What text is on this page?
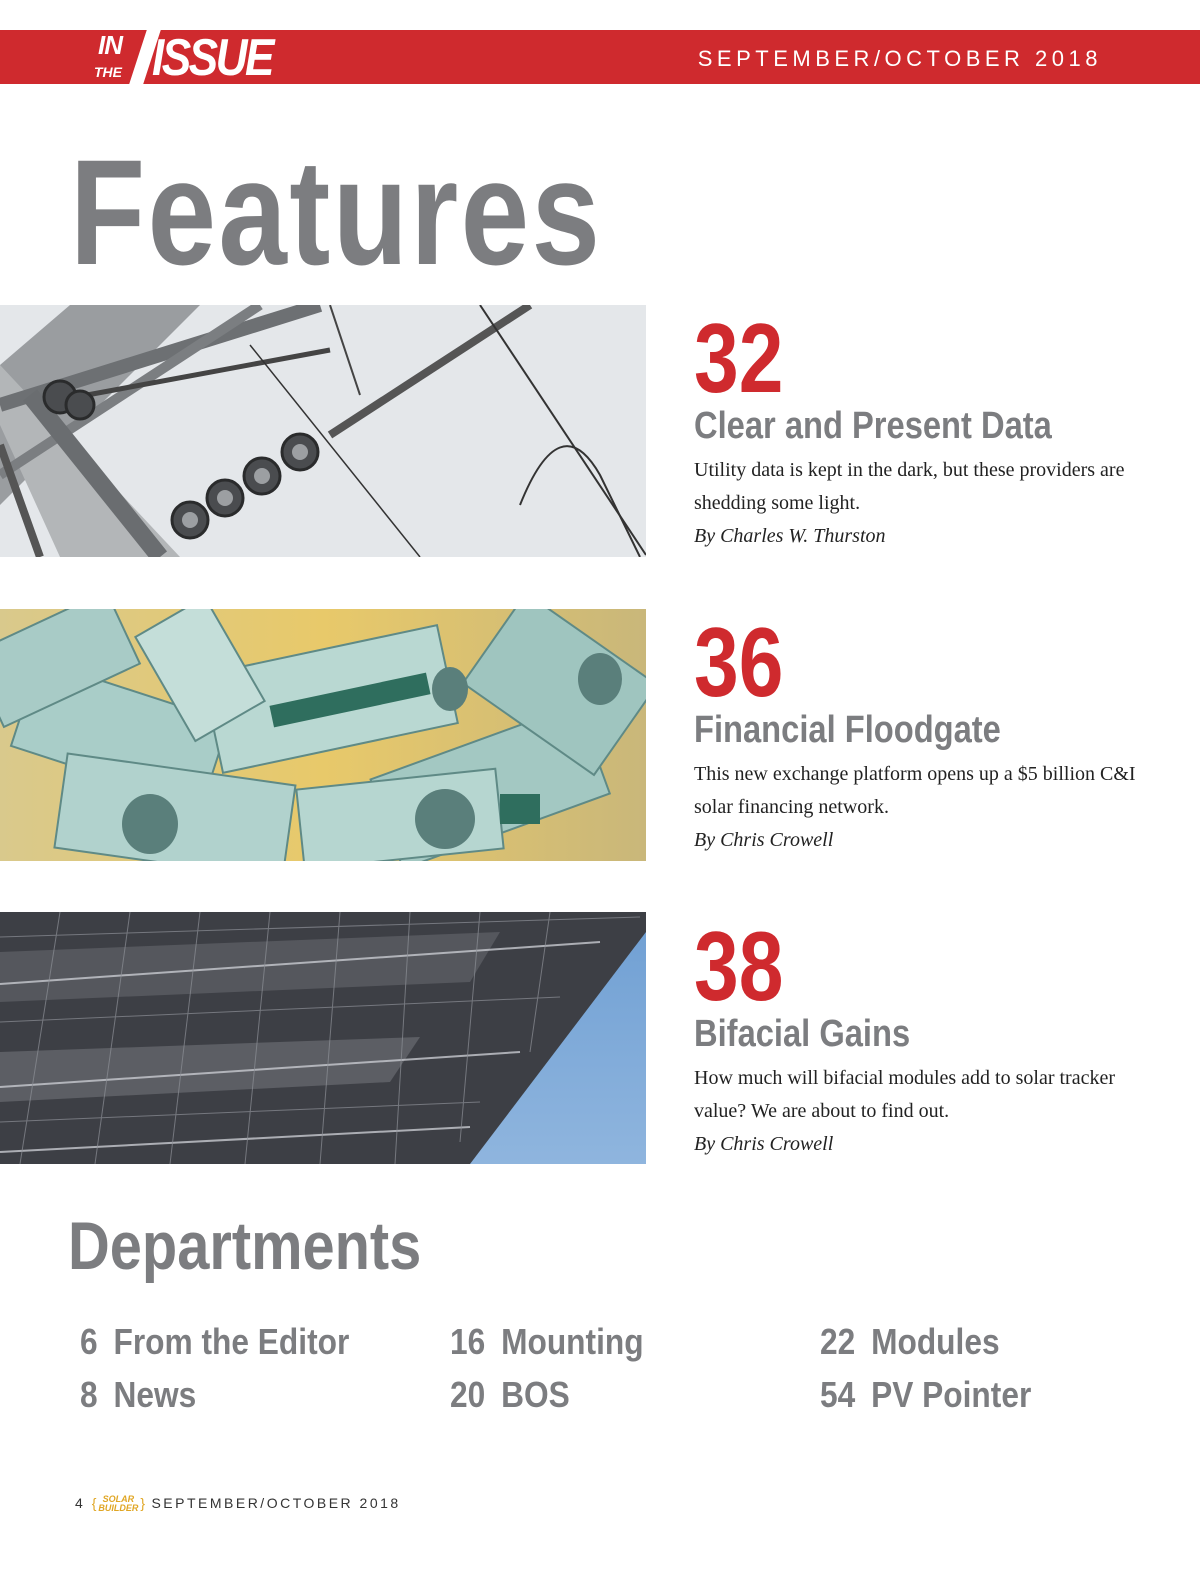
IN
THE ISSUE	SEPTEMBER/OCTOBER 2018
Features
32
Clear and Present Data
Utility data is kept in the dark, but these providers are shedding some light.
By Charles W. Thurston
36
Financial Floodgate
This new exchange platform opens up a $5 billion C&I solar financing network.
By Chris Crowell
38
Bifacial Gains
How much will bifacial modules add to solar tracker value? We are about to find out.
By Chris Crowell
Departments
6 From the Editor
8 News
16 Mounting
20 BOS
22 Modules
54 PV Pointer
4 { SOLAR
BUILDER } SEPTEMBER/OCTOBER 2018
